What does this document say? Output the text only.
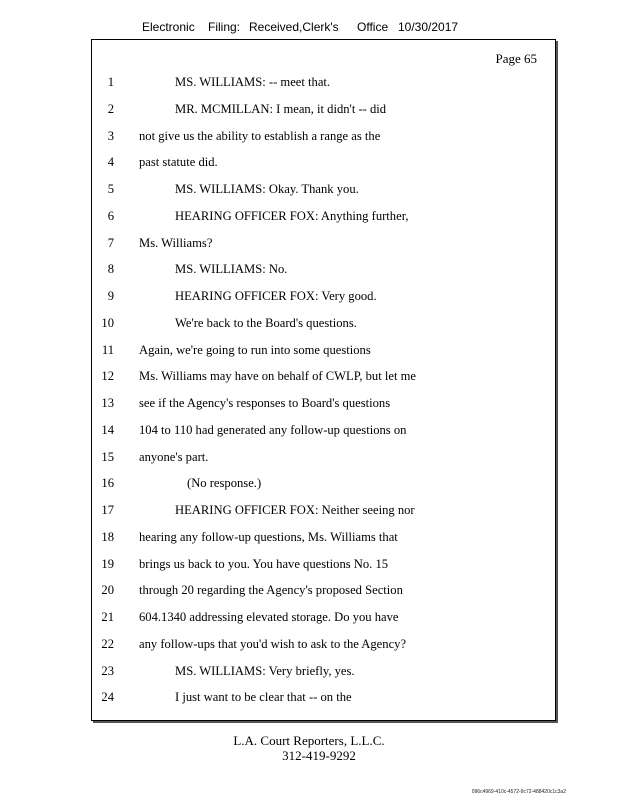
Electronic Filing: Received,Clerk's Office 10/30/2017
Page 65
1	MS. WILLIAMS: -- meet that.
2	MR. MCMILLAN: I mean, it didn't -- did
3 not give us the ability to establish a range as the
4 past statute did.
5	MS. WILLIAMS: Okay. Thank you.
6	HEARING OFFICER FOX: Anything further,
7 Ms. Williams?
8	MS. WILLIAMS: No.
9	HEARING OFFICER FOX: Very good.
10	We're back to the Board's questions.
11 Again, we're going to run into some questions
12 Ms. Williams may have on behalf of CWLP, but let me
13 see if the Agency's responses to Board's questions
14 104 to 110 had generated any follow-up questions on
15 anyone's part.
16	(No response.)
17	HEARING OFFICER FOX: Neither seeing nor
18 hearing any follow-up questions, Ms. Williams that
19 brings us back to you. You have questions No. 15
20 through 20 regarding the Agency's proposed Section
21 604.1340 addressing elevated storage. Do you have
22 any follow-ups that you'd wish to ask to the Agency?
23	MS. WILLIAMS: Very briefly, yes.
24	I just want to be clear that -- on the
L.A. Court Reporters, L.L.C.
312-419-9292
096c4969-410c-4572-9c72-488420c1c3a2
